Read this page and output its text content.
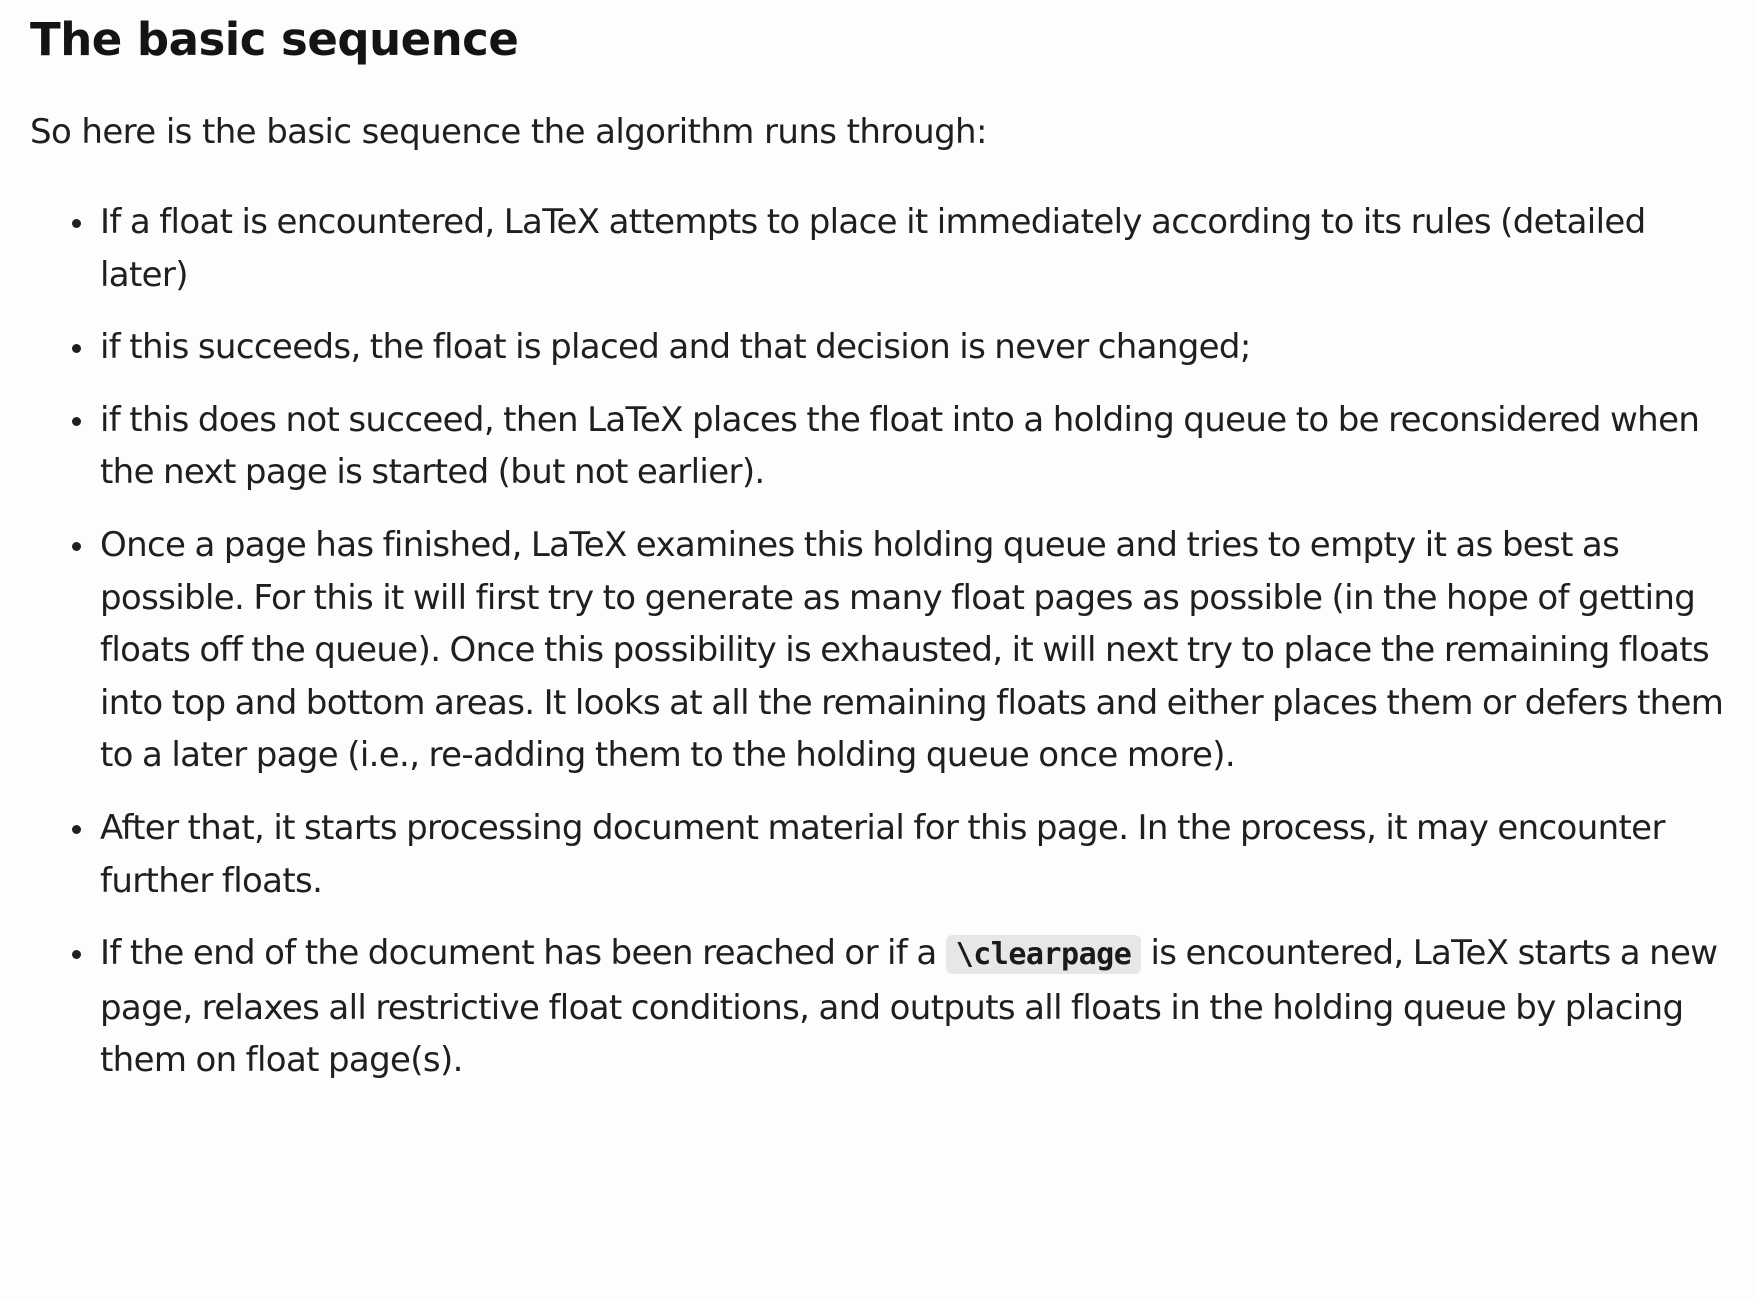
The basic sequence

So here is the basic sequence the algorithm runs through:

If a float is encountered, LaTeX attempts to place it immediately according to its rules (detailed later)
if this succeeds, the float is placed and that decision is never changed;
if this does not succeed, then LaTeX places the float into a holding queue to be reconsidered when the next page is started (but not earlier).
Once a page has finished, LaTeX examines this holding queue and tries to empty it as best as possible. For this it will first try to generate as many float pages as possible (in the hope of getting floats off the queue). Once this possibility is exhausted, it will next try to place the remaining floats into top and bottom areas. It looks at all the remaining floats and either places them or defers them to a later page (i.e., re-adding them to the holding queue once more).
After that, it starts processing document material for this page. In the process, it may encounter further floats.
If the end of the document has been reached or if a \clearpage is encountered, LaTeX starts a new page, relaxes all restrictive float conditions, and outputs all floats in the holding queue by placing them on float page(s).
